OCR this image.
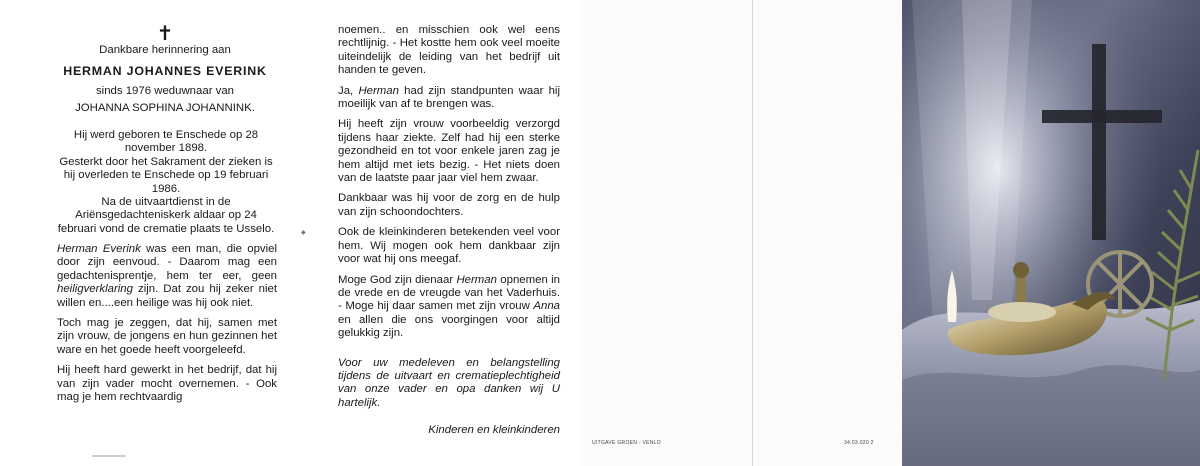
✝
Dankbare herinnering aan
HERMAN JOHANNES EVERINK
sinds 1976 weduwnaar van
JOHANNA SOPHINA JOHANNINK.

Hij werd geboren te Enschede op 28 november 1898.

Gesterkt door het Sakrament der zieken is hij overleden te Enschede op 19 februari 1986.

Na de uitvaartdienst in de Ariënsgedachteniskerk aldaar op 24 februari vond de crematie plaats te Usselo.

Herman Everink was een man, die opviel door zijn eenvoud. - Daarom mag een gedachtenisprentje, hem ter eer, geen heiligverklaring zijn. Dat zou hij zeker niet willen en....een heilige was hij ook niet.

Toch mag je zeggen, dat hij, samen met zijn vrouw, de jongens en hun gezinnen het ware en het goede heeft voorgeleefd.

Hij heeft hard gewerkt in het bedrijf, dat hij van zijn vader mocht overnemen. - Ook mag je hem rechtvaardig

◆

noemen.. en misschien ook wel eens rechtlijnig. - Het kostte hem ook veel moeite uiteindelijk de leiding van het bedrijf uit handen te geven.

Ja, Herman had zijn standpunten waar hij moeilijk van af te brengen was.

Hij heeft zijn vrouw voorbeeldig verzorgd tijdens haar ziekte. Zelf had hij een sterke gezondheid en tot voor enkele jaren zag je hem altijd met iets bezig. - Het niets doen van de laatste paar jaar viel hem zwaar.

Dankbaar was hij voor de zorg en de hulp van zijn schoondochters.

Ook de kleinkinderen betekenden veel voor hem. Wij mogen ook hem dankbaar zijn voor wat hij ons meegaf.

Moge God zijn dienaar Herman opnemen in de vrede en de vreugde van het Vaderhuis. - Moge hij daar samen met zijn vrouw Anna en allen die ons voorgingen voor altijd gelukkig zijn.

Voor uw medeleven en belangstelling tijdens de uitvaart en crematieplechtigheid van onze vader en opa danken wij U hartelijk.

Kinderen en kleinkinderen

UITGAVE GROEN - VENLO	34.03.020 2
